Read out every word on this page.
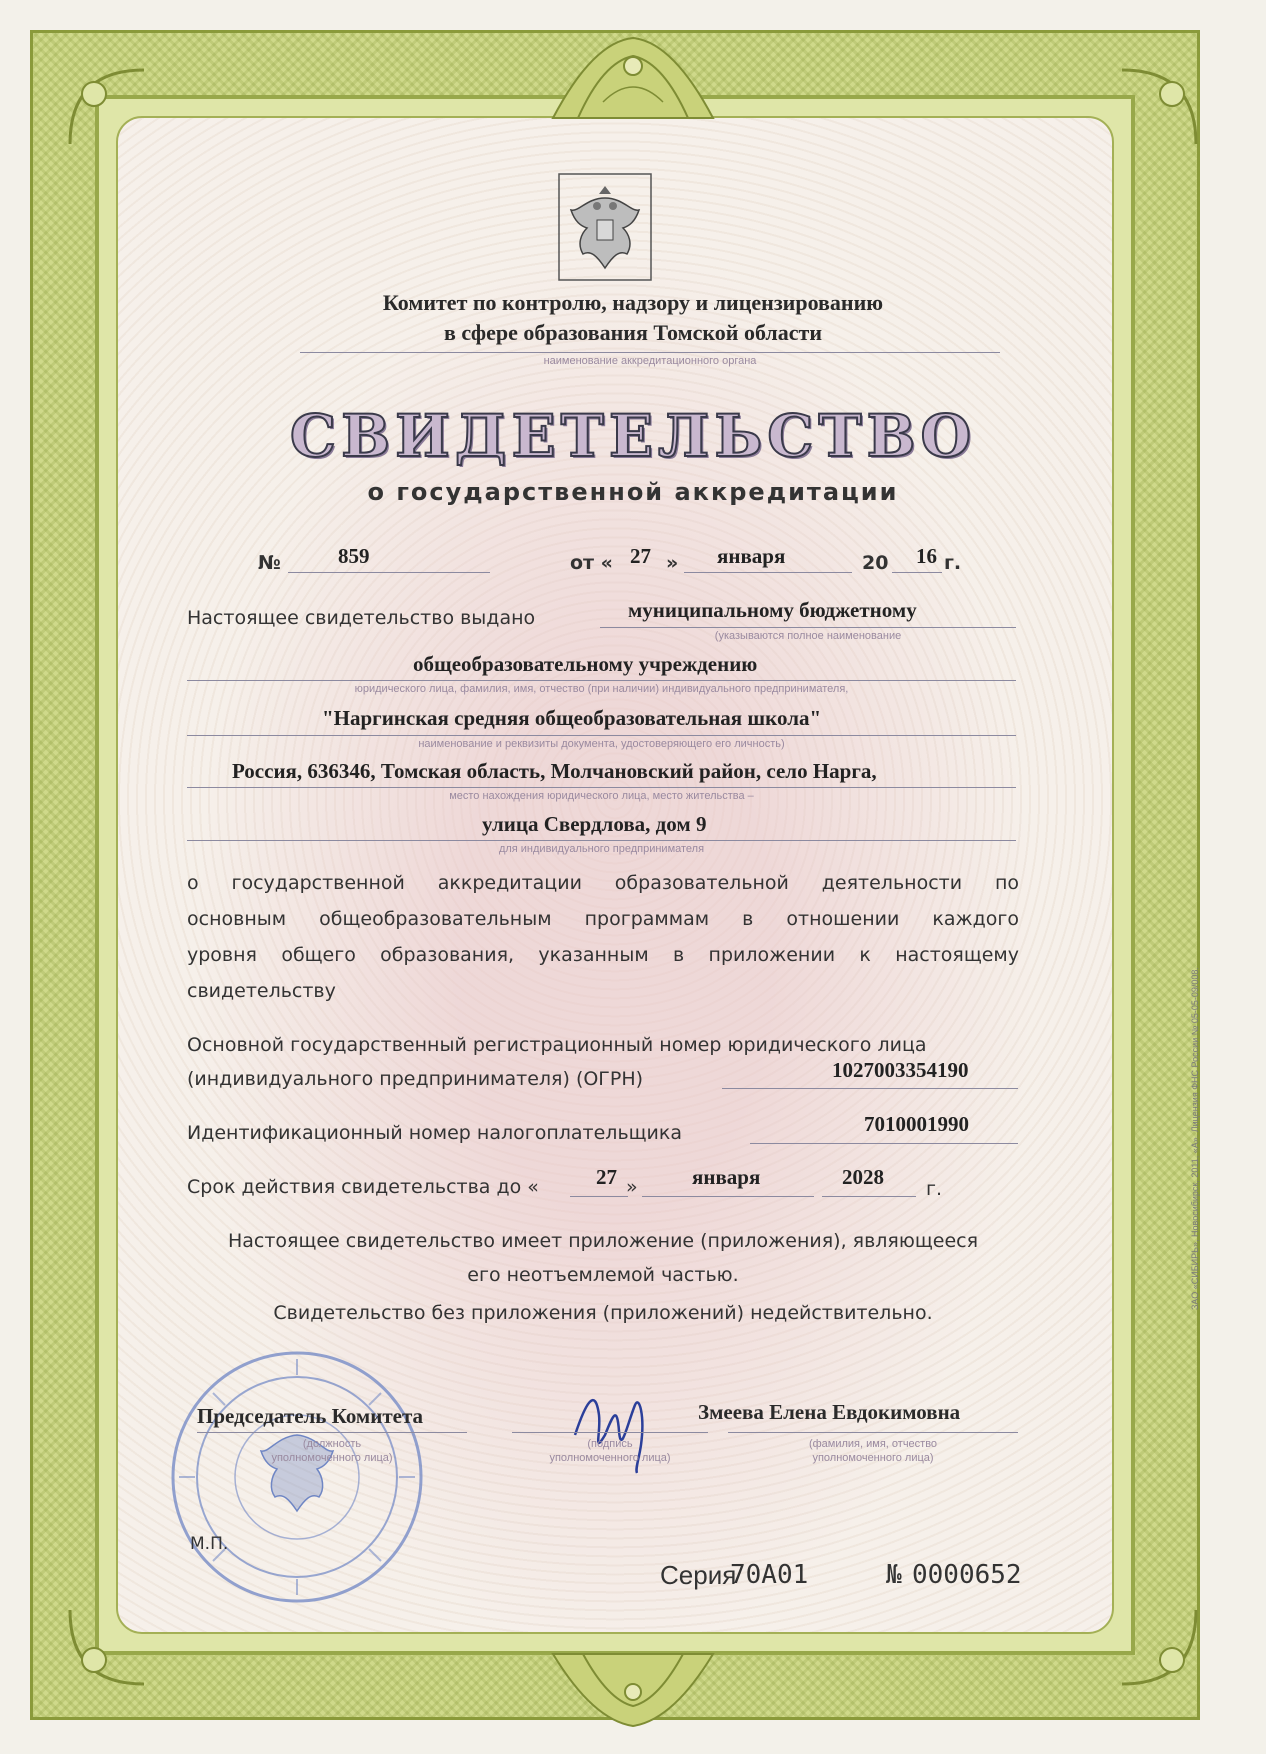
Комитет по контролю, надзору и лицензированию
в сфере образования Томской области
наименование аккредитационного органа
СВИДЕТЕЛЬСТВО
о государственной аккредитации
№	859	от « 27 » января	20 16 г.
Настоящее свидетельство выдано	муниципальному бюджетному
(указываются полное наименование
общеобразовательному учреждению
юридического лица, фамилия, имя, отчество (при наличии) индивидуального предпринимателя,
"Наргинская средняя общеобразовательная школа"
наименование и реквизиты документа, удостоверяющего его личность)
Россия, 636346, Томская область, Молчановский район, село Нарга,
место нахождения юридического лица, место жительства –
улица Свердлова, дом 9
для индивидуального предпринимателя
о государственной аккредитации образовательной деятельности по
основным общеобразовательным программам в отношении каждого
уровня общего образования, указанным в приложении к настоящему
свидетельству
Основной государственный регистрационный номер юридического лица
(индивидуального предпринимателя) (ОГРН)	1027003354190
Идентификационный номер налогоплательщика	7010001990
Срок действия свидетельства до «	27 »	января	2028 г.
Настоящее свидетельство имеет приложение (приложения), являющееся
его неотъемлемой частью.
Свидетельство без приложения (приложений) недействительно.
Председатель Комитета
(должность
уполномоченного лица)
(подпись
уполномоченного лица)
Змеева Елена Евдокимовна
(фамилия, имя, отчество
уполномоченного лица)
М.П.
Серия
70А01	№ 0000652
ЗАО «СИБИРЬ», Новосибирск, 2011, «А». Лицензия ФНС России № 05-05-09/008.
